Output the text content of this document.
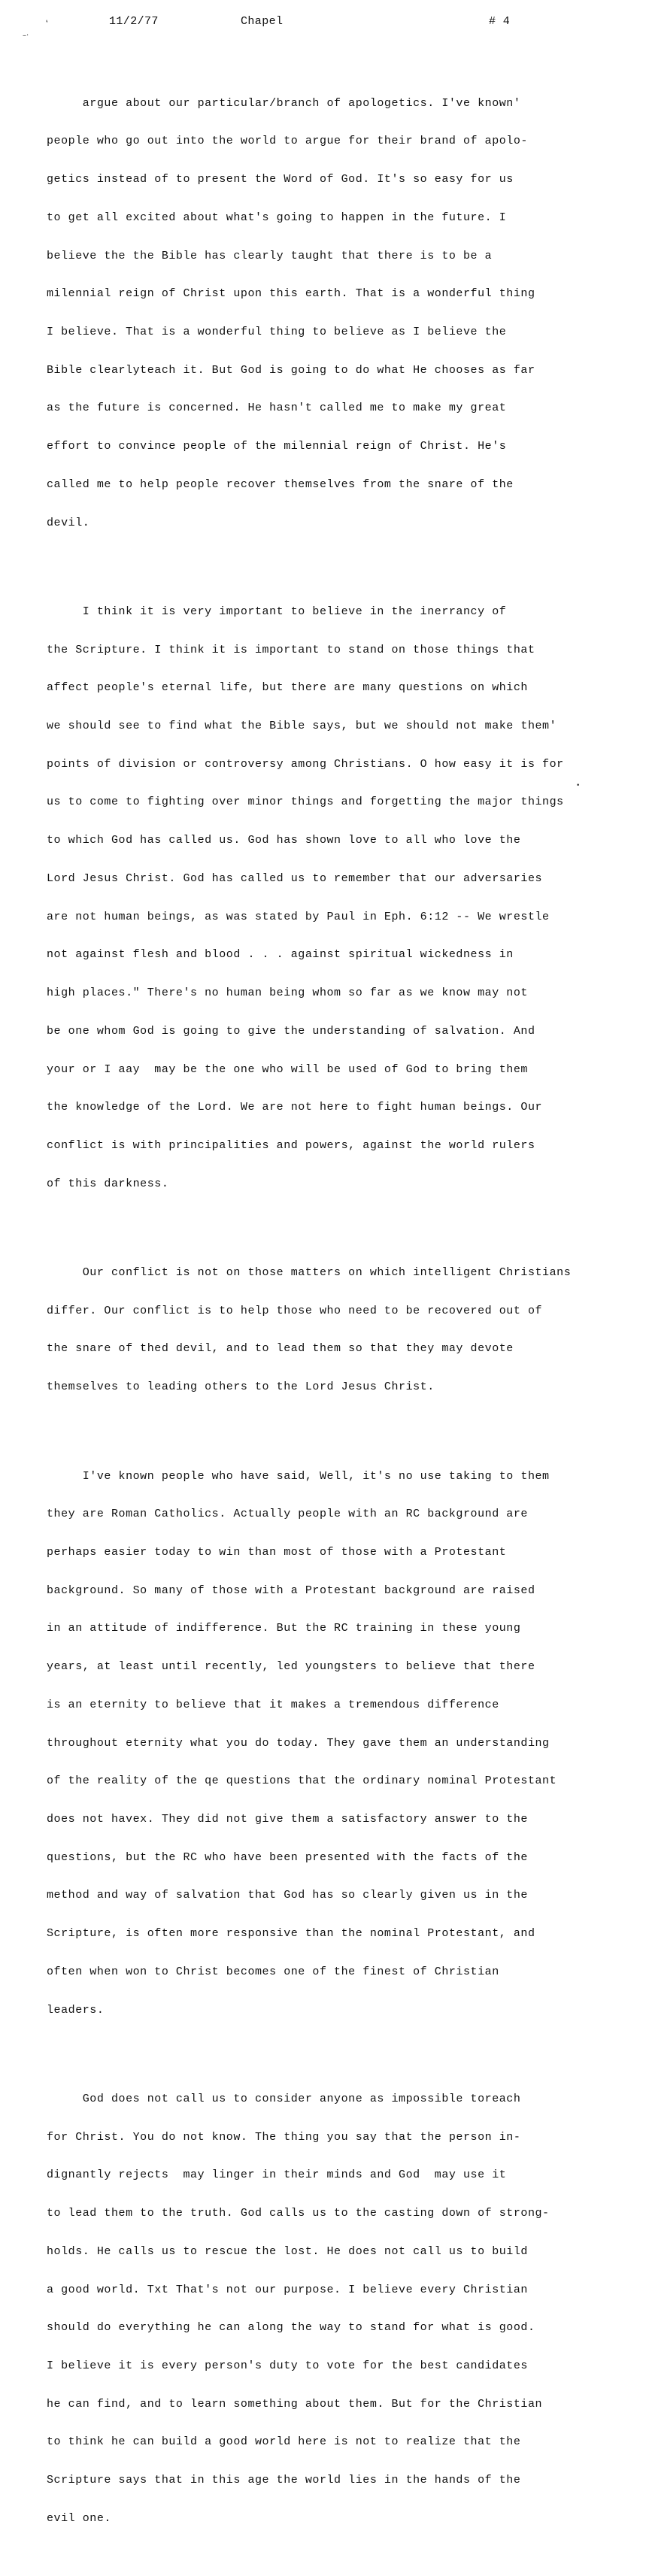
11/2/77	Chapel	# 4
‘
–·
•

argue about our particular/branch of apologetics. I've known'

people who go out into the world to argue for their brand of apolo-

getics instead of to present the Word of God. It's so easy for us

to get all excited about what's going to happen in the future. I

believe the the Bible has clearly taught that there is to be a

milennial reign of Christ upon this earth. That is a wonderful thing

I believe. That is a wonderful thing to believe as I believe the

Bible clearlyteach it. But God is going to do what He chooses as far

as the future is concerned. He hasn't called me to make my great

effort to convince people of the milennial reign of Christ. He's

called me to help people recover themselves from the snare of the

devil.

I think it is very important to believe in the inerrancy of

the Scripture. I think it is important to stand on those things that

affect people's eternal life, but there are many questions on which

we should see to find what the Bible says, but we should not make them'

points of division or controversy among Christians. O how easy it is for

us to come to fighting over minor things and forgetting the major things

to which God has called us. God has shown love to all who love the

Lord Jesus Christ. God has called us to remember that our adversaries

are not human beings, as was stated by Paul in Eph. 6:12 -- We wrestle

not against flesh and blood . . . against spiritual wickedness in

high places." There's no human being whom so far as we know may not

be one whom God is going to give the understanding of salvation. And

your or I aay  may be the one who will be used of God to bring them

the knowledge of the Lord. We are not here to fight human beings. Our

conflict is with principalities and powers, against the world rulers

of this darkness.

Our conflict is not on those matters on which intelligent Christians

differ. Our conflict is to help those who need to be recovered out of

the snare of thed devil, and to lead them so that they may devote

themselves to leading others to the Lord Jesus Christ.

I've known people who have said, Well, it's no use taking to them

they are Roman Catholics. Actually people with an RC background are

perhaps easier today to win than most of those with a Protestant

background. So many of those with a Protestant background are raised

in an attitude of indifference. But the RC training in these young

years, at least until recently, led youngsters to believe that there

is an eternity to believe that it makes a tremendous difference

throughout eternity what you do today. They gave them an understanding

of the reality of the qe questions that the ordinary nominal Protestant

does not havex. They did not give them a satisfactory answer to the

questions, but the RC who have been presented with the facts of the

method and way of salvation that God has so clearly given us in the

Scripture, is often more responsive than the nominal Protestant, and

often when won to Christ becomes one of the finest of Christian

leaders.

God does not call us to consider anyone as impossible toreach

for Christ. You do not know. The thing you say that the person in-

dignantly rejects  may linger in their minds and God  may use it

to lead them to the truth. God calls us to the casting down of strong-

holds. He calls us to rescue the lost. He does not call us to build

a good world. Txt That's not our purpose. I believe every Christian

should do everything he can along the way to stand for what is good.

I believe it is every person's duty to vote for the best candidates

he can find, and to learn something about them. But for the Christian

to think he can build a good world here is not to realize that the

Scripture says that in this age the world lies in the hands of the

evil one.
